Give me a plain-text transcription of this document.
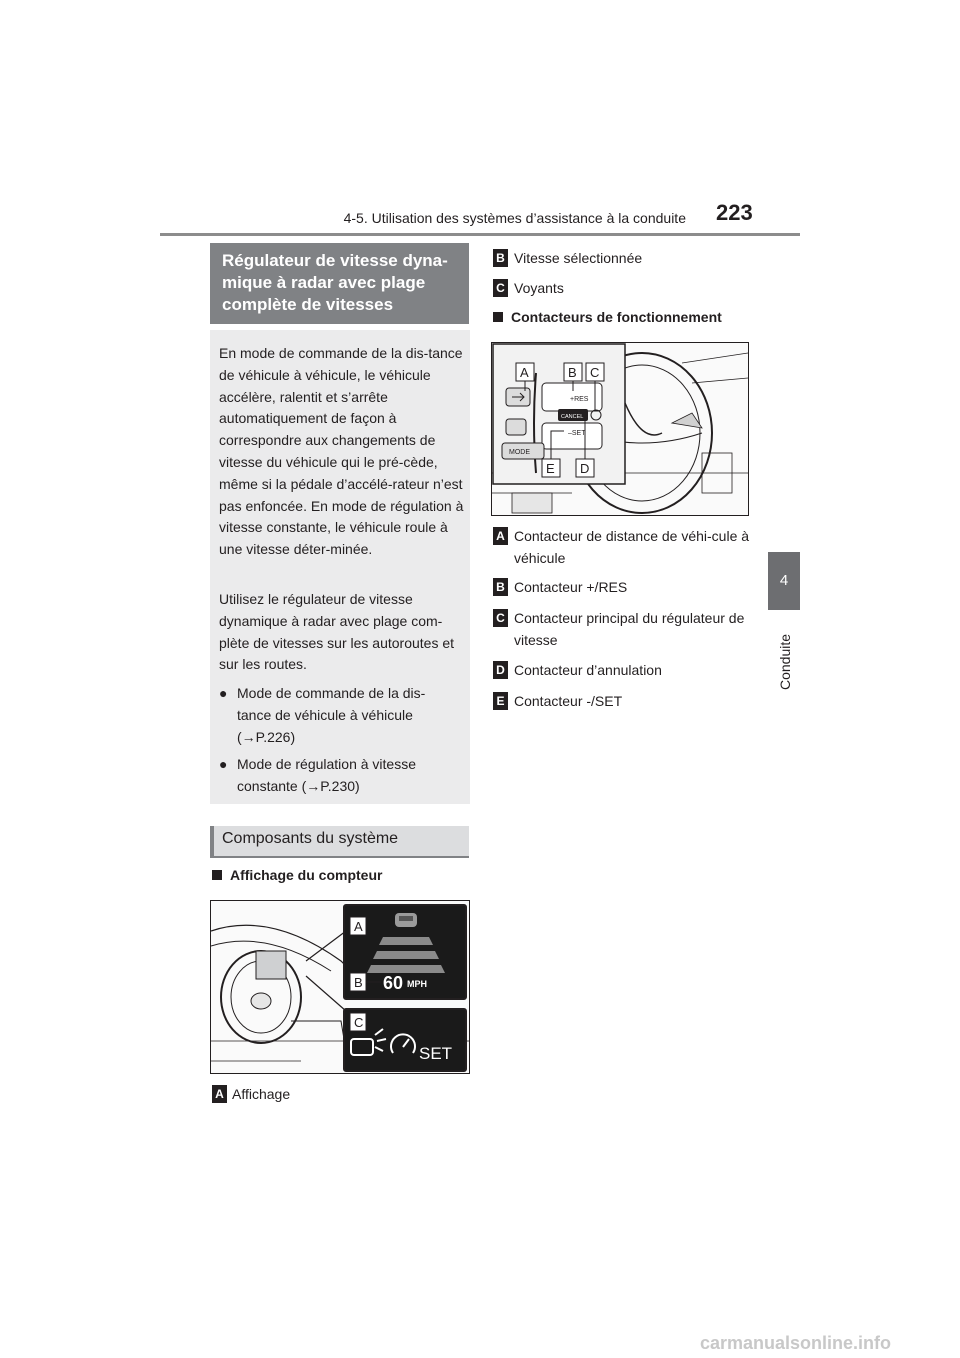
4-5. Utilisation des systèmes d’assistance à la conduite 223
4
Conduite
Régulateur de vitesse dyna-mique à radar avec plage complète de vitesses
En mode de commande de la dis-tance de véhicule à véhicule, le véhicule accélère, ralentit et s’arrête automatiquement de façon à correspondre aux changements de vitesse du véhicule qui le pré-cède, même si la pédale d’accélé-rateur n’est pas enfoncée. En mode de régulation à vitesse constante, le véhicule roule à une vitesse déter-minée.
Utilisez le régulateur de vitesse dynamique à radar avec plage com-plète de vitesses sur les autoroutes et sur les routes.
● Mode de commande de la dis-tance de véhicule à véhicule (→P.226)
● Mode de régulation à vitesse constante (→P.230)
Composants du système
Affichage du compteur
60 MPH
SET
A
B
C
A Affichage
B Vitesse sélectionnée
C Voyants
Contacteurs de fonctionnement
+RES
CANCEL
–SET
MODE
A	B C
E D
A Contacteur de distance de véhi-cule à véhicule
B Contacteur +/RES
C Contacteur principal du régulateur de vitesse
D Contacteur d’annulation
E Contacteur -/SET
carmanualsonline.info
